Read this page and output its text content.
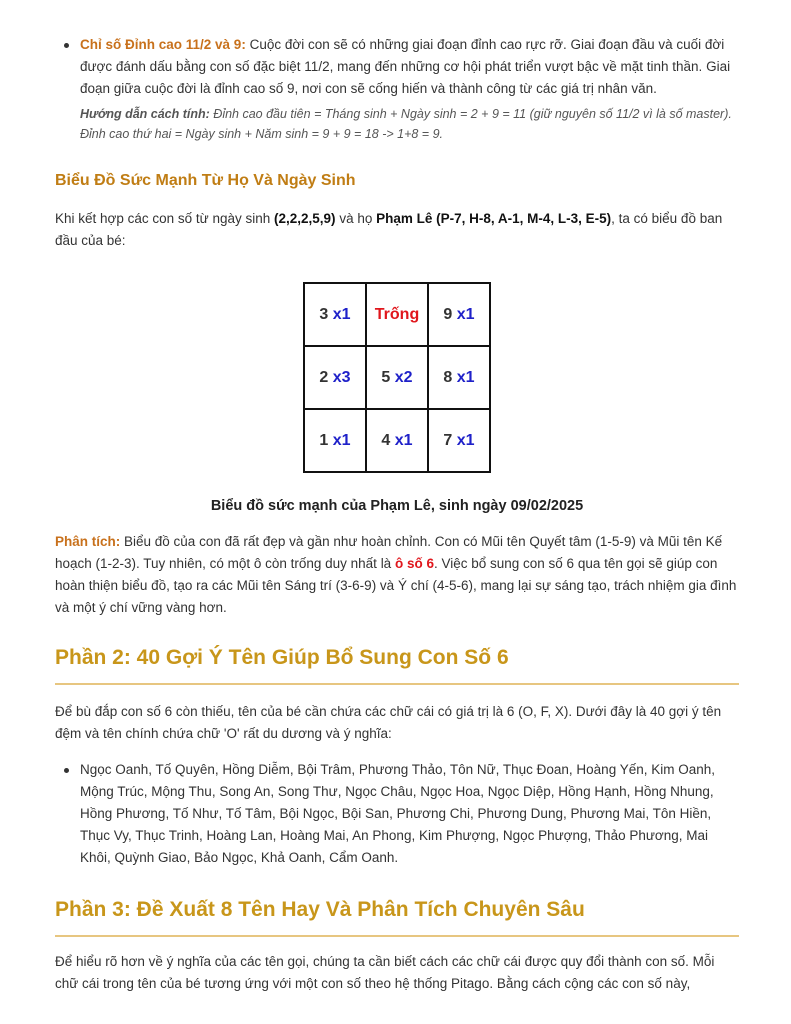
Chỉ số Đỉnh cao 11/2 và 9: Cuộc đời con sẽ có những giai đoạn đỉnh cao rực rỡ. Giai đoạn đầu và cuối đời được đánh dấu bằng con số đặc biệt 11/2, mang đến những cơ hội phát triển vượt bậc về mặt tinh thần. Giai đoạn giữa cuộc đời là đỉnh cao số 9, nơi con sẽ cống hiến và thành công từ các giá trị nhân văn.

Hướng dẫn cách tính: Đỉnh cao đầu tiên = Tháng sinh + Ngày sinh = 2 + 9 = 11 (giữ nguyên số 11/2 vì là số master). Đỉnh cao thứ hai = Ngày sinh + Năm sinh = 9 + 9 = 18 -> 1+8 = 9.

Biểu Đồ Sức Mạnh Từ Họ Và Ngày Sinh

Khi kết hợp các con số từ ngày sinh (2,2,2,5,9) và họ Phạm Lê (P-7, H-8, A-1, M-4, L-3, E-5), ta có biểu đồ ban đầu của bé:

3 x1	Trống	9 x1
2 x3	5 x2	8 x1
1 x1	4 x1	7 x1

Biểu đồ sức mạnh của Phạm Lê, sinh ngày 09/02/2025

Phân tích: Biểu đồ của con đã rất đẹp và gần như hoàn chỉnh. Con có Mũi tên Quyết tâm (1-5-9) và Mũi tên Kế hoạch (1-2-3). Tuy nhiên, có một ô còn trống duy nhất là ô số 6. Việc bổ sung con số 6 qua tên gọi sẽ giúp con hoàn thiện biểu đồ, tạo ra các Mũi tên Sáng trí (3-6-9) và Ý chí (4-5-6), mang lại sự sáng tạo, trách nhiệm gia đình và một ý chí vững vàng hơn.

Phần 2: 40 Gợi Ý Tên Giúp Bổ Sung Con Số 6

Để bù đắp con số 6 còn thiếu, tên của bé cần chứa các chữ cái có giá trị là 6 (O, F, X). Dưới đây là 40 gợi ý tên đệm và tên chính chứa chữ 'O' rất du dương và ý nghĩa:

Ngọc Oanh, Tố Quyên, Hồng Diễm, Bội Trâm, Phương Thảo, Tôn Nữ, Thục Đoan, Hoàng Yến, Kim Oanh, Mộng Trúc, Mộng Thu, Song An, Song Thư, Ngọc Châu, Ngọc Hoa, Ngọc Diệp, Hồng Hạnh, Hồng Nhung, Hồng Phương, Tố Như, Tố Tâm, Bội Ngọc, Bội San, Phương Chi, Phương Dung, Phương Mai, Tôn Hiền, Thục Vy, Thục Trinh, Hoàng Lan, Hoàng Mai, An Phong, Kim Phượng, Ngọc Phượng, Thảo Phương, Mai Khôi, Quỳnh Giao, Bảo Ngọc, Khả Oanh, Cẩm Oanh.
Phần 3: Đề Xuất 8 Tên Hay Và Phân Tích Chuyên Sâu

Để hiểu rõ hơn về ý nghĩa của các tên gọi, chúng ta cần biết cách các chữ cái được quy đổi thành con số. Mỗi chữ cái trong tên của bé tương ứng với một con số theo hệ thống Pitago. Bằng cách cộng các con số này,
